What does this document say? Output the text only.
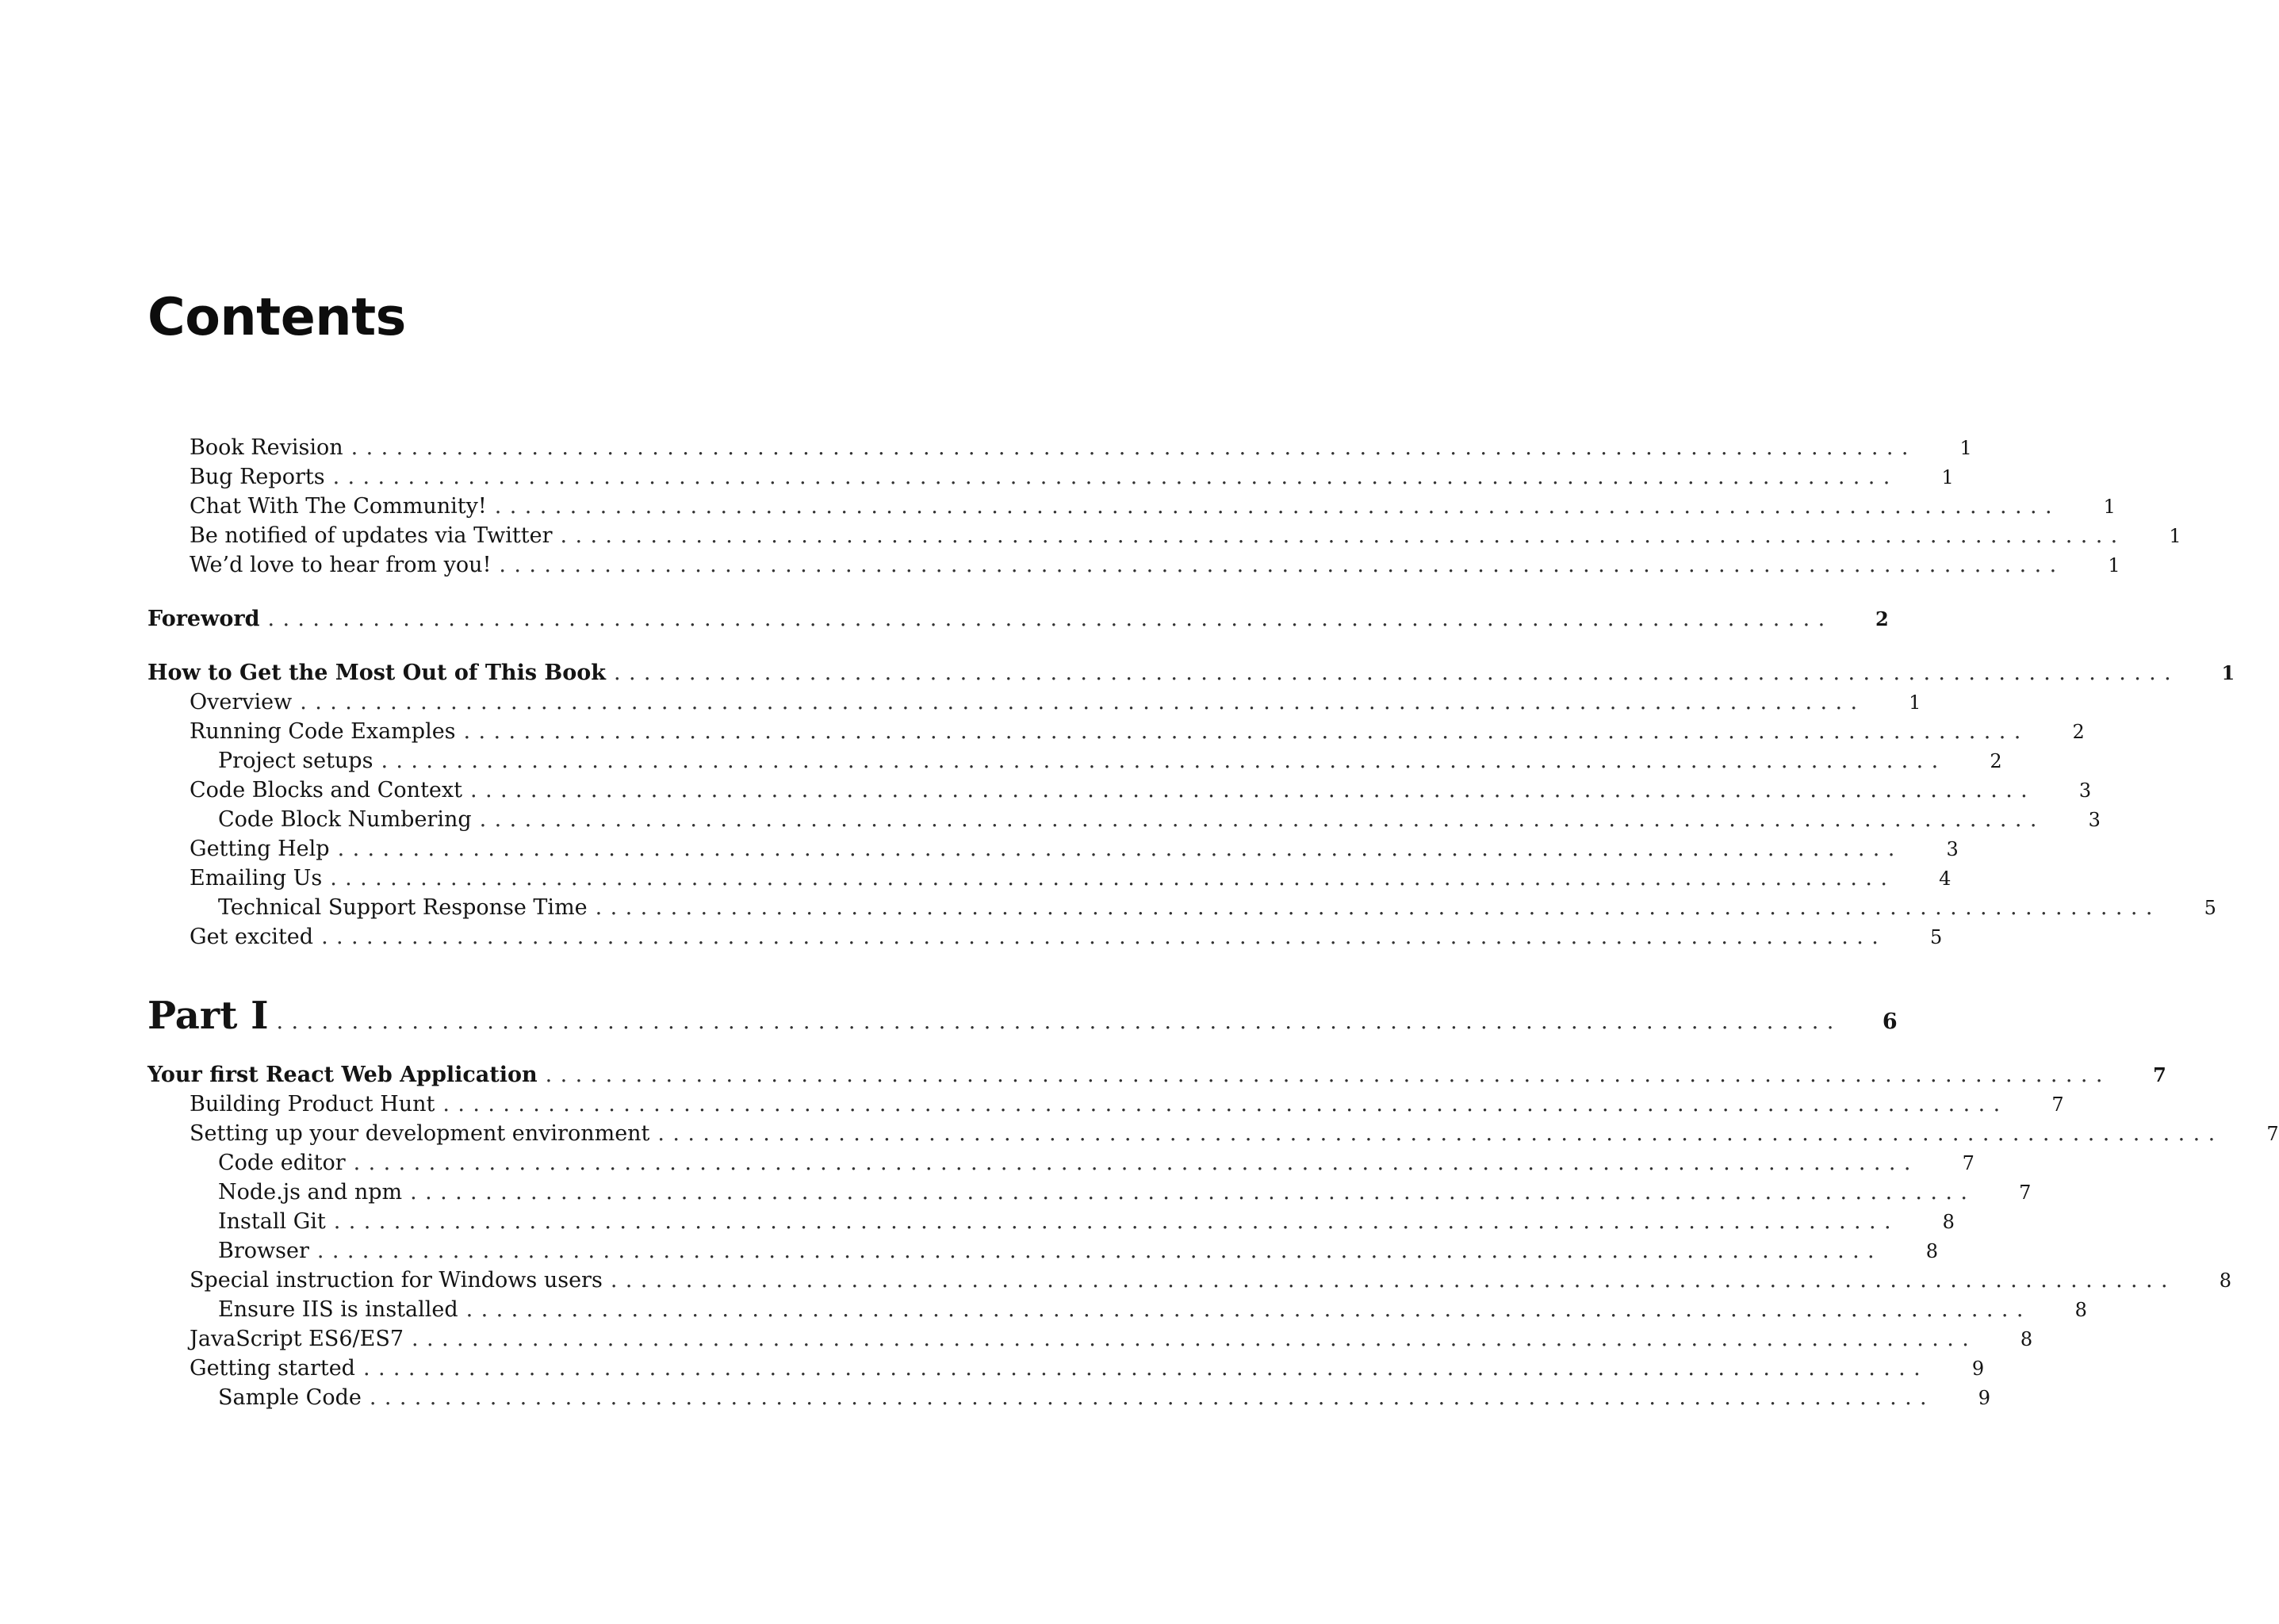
Contents
Book Revision ........................................................................................................	1
Bug Reports ........................................................................................................	1
Chat With The Community! ........................................................................................................	1
Be notified of updates via Twitter ........................................................................................................	1
We’d love to hear from you! ........................................................................................................	1
Foreword ........................................................................................................	2
How to Get the Most Out of This Book ........................................................................................................	1
Overview ........................................................................................................	1
Running Code Examples ........................................................................................................	2
Project setups ........................................................................................................	2
Code Blocks and Context ........................................................................................................	3
Code Block Numbering ........................................................................................................	3
Getting Help ........................................................................................................	3
Emailing Us ........................................................................................................	4
Technical Support Response Time ........................................................................................................	5
Get excited ........................................................................................................	5
Part I ........................................................................................................	6
Your first React Web Application ........................................................................................................	7
Building Product Hunt ........................................................................................................	7
Setting up your development environment ........................................................................................................	7
Code editor ........................................................................................................	7
Node.js and npm ........................................................................................................	7
Install Git ........................................................................................................	8
Browser ........................................................................................................	8
Special instruction for Windows users ........................................................................................................	8
Ensure IIS is installed ........................................................................................................	8
JavaScript ES6/ES7 ........................................................................................................	8
Getting started ........................................................................................................	9
Sample Code ........................................................................................................	9
